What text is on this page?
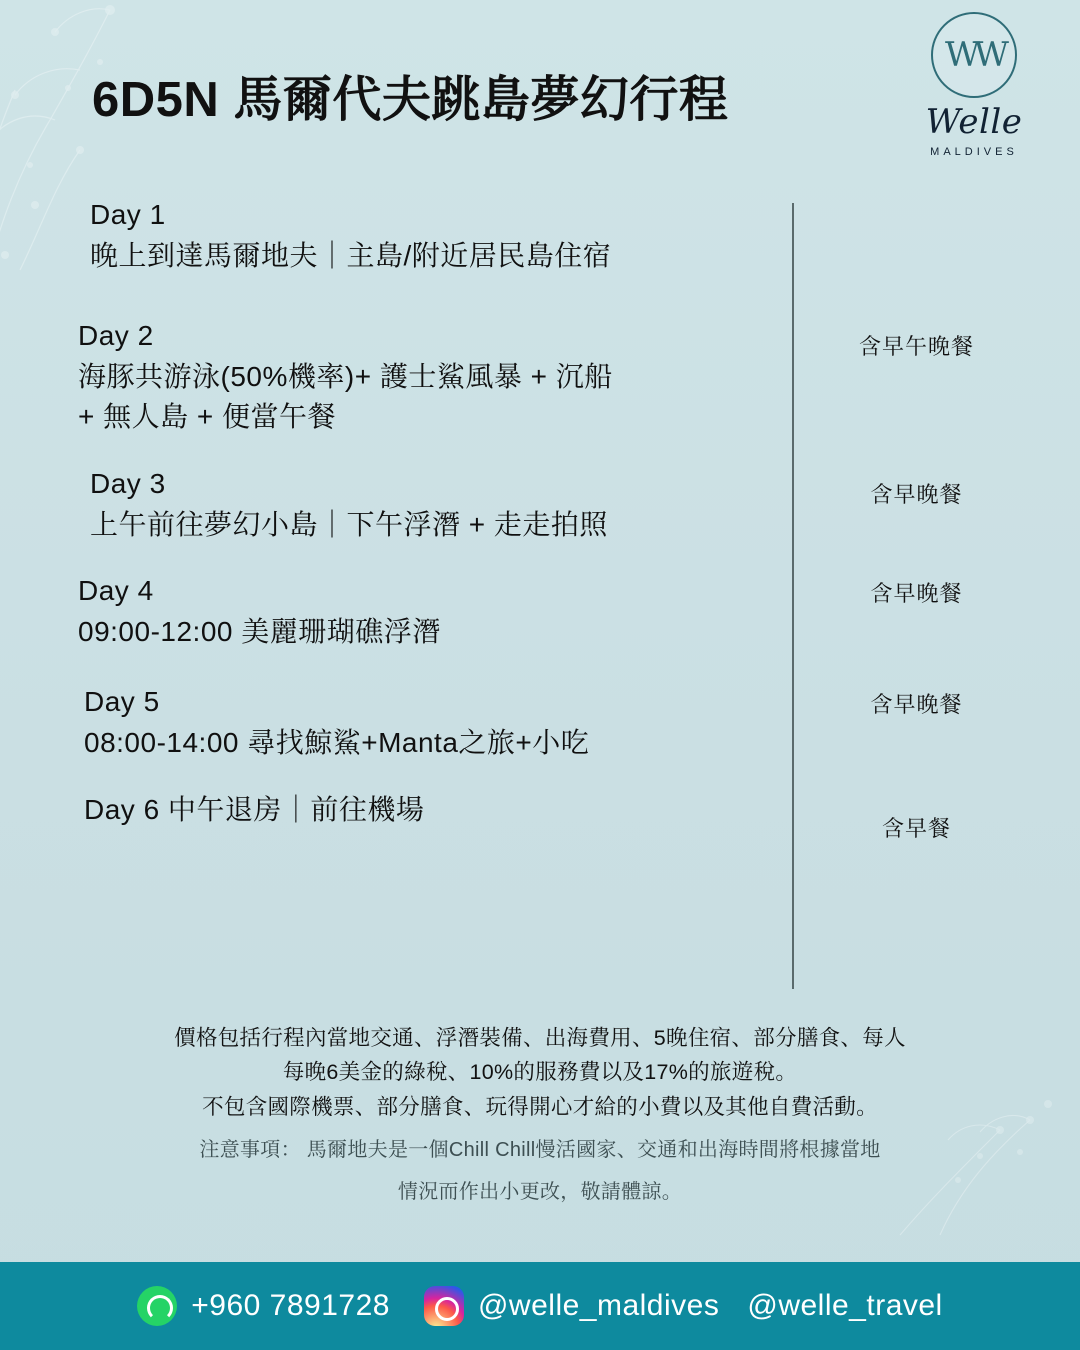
6D5N 馬爾代夫跳島夢幻行程
WW
Welle
MALDIVES
Day 1
晚上到達馬爾地夫｜主島/附近居民島住宿
Day 2
海豚共游泳(50%機率)+ 護士鯊風暴 + 沉船
+ 無人島 + 便當午餐
含早午晚餐
Day 3
上午前往夢幻小島｜下午浮潛 + 走走拍照
含早晚餐
Day 4
09:00-12:00 美麗珊瑚礁浮潛
含早晚餐
Day 5
08:00-14:00 尋找鯨鯊+Manta之旅+小吃
含早晚餐
Day 6 中午退房｜前往機場
含早餐
價格包括行程內當地交通、浮潛裝備、出海費用、5晚住宿、部分膳食、每人
每晚6美金的綠稅、10%的服務費以及17%的旅遊稅。
不包含國際機票、部分膳食、玩得開心才給的小費以及其他自費活動。
注意事項： 馬爾地夫是一個Chill Chill慢活國家、交通和出海時間將根據當地
情況而作出小更改，敬請體諒。
+960 7891728	@welle_maldives @welle_travel
